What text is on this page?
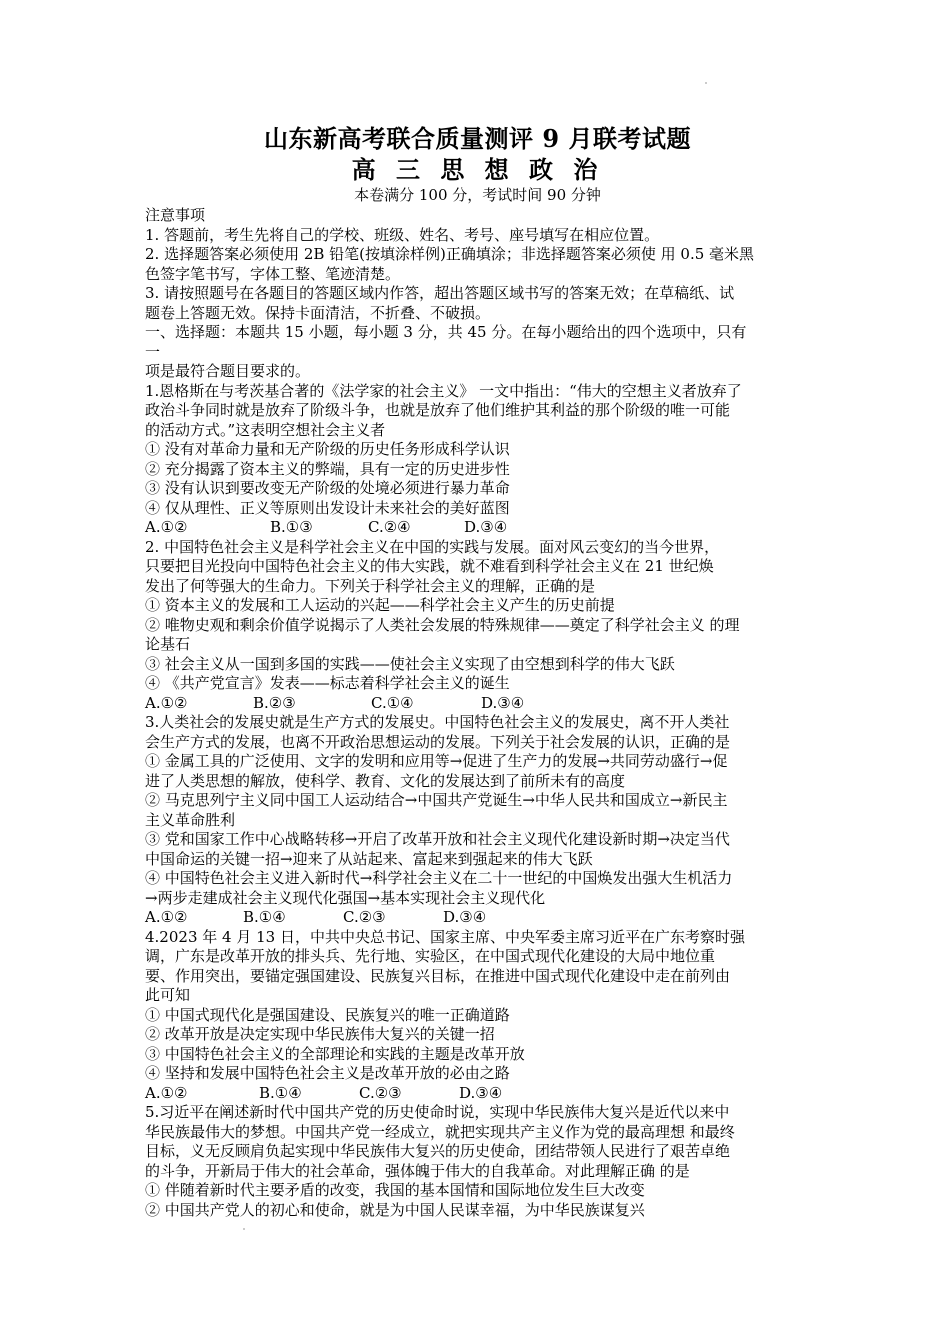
山东新高考联合质量测评 9 月联考试题
高 三 思 想 政 治

本卷满分 100 分，考试时间 90 分钟

注意事项

1. 答题前，考生先将自己的学校、班级、姓名、考号、座号填写在相应位置。

2. 选择题答案必须使用 2B 铅笔(按填涂样例)正确填涂；非选择题答案必须使 用 0.5 毫米黑

色签字笔书写，字体工整、笔迹清楚。

3. 请按照题号在各题目的答题区域内作答，超出答题区域书写的答案无效；在草稿纸、试

题卷上答题无效。保持卡面清洁，不折叠、不破损。

一、选择题：本题共 15 小题，每小题 3 分，共 45 分。在每小题给出的四个选项中，只有

一

项是最符合题目要求的。

1.恩格斯在与考茨基合著的《法学家的社会主义》 一文中指出：“伟大的空想主义者放弃了

政治斗争同时就是放弃了阶级斗争，也就是放弃了他们维护其利益的那个阶级的唯一可能

的活动方式。”这表明空想社会主义者

① 没有对革命力量和无产阶级的历史任务形成科学认识

② 充分揭露了资本主义的弊端，具有一定的历史进步性

③ 没有认识到要改变无产阶级的处境必须进行暴力革命

④ 仅从理性、正义等原则出发设计未来社会的美好蓝图

A.①②	B.①③	C.②④	D.③④

2. 中国特色社会主义是科学社会主义在中国的实践与发展。面对风云变幻的当今世界，

只要把目光投向中国特色社会主义的伟大实践，就不难看到科学社会主义在 21 世纪焕

发出了何等强大的生命力。下列关于科学社会主义的理解，正确的是

① 资本主义的发展和工人运动的兴起——科学社会主义产生的历史前提

② 唯物史观和剩余价值学说揭示了人类社会发展的特殊规律——奠定了科学社会主义 的理

论基石

③ 社会主义从一国到多国的实践——使社会主义实现了由空想到科学的伟大飞跃

④ 《共产党宣言》发表——标志着科学社会主义的诞生

A.①②	B.②③	C.①④	D.③④

3.人类社会的发展史就是生产方式的发展史。中国特色社会主义的发展史，离不开人类社

会生产方式的发展，也离不开政治思想运动的发展。下列关于社会发展的认识，正确的是

① 金属工具的广泛使用、文字的发明和应用等→促进了生产力的发展→共同劳动盛行→促

进了人类思想的解放，使科学、教育、文化的发展达到了前所未有的高度

② 马克思列宁主义同中国工人运动结合→中国共产党诞生→中华人民共和国成立→新民主

主义革命胜利

③ 党和国家工作中心战略转移→开启了改革开放和社会主义现代化建设新时期→决定当代

中国命运的关键一招→迎来了从站起来、富起来到强起来的伟大飞跃

④ 中国特色社会主义进入新时代→科学社会主义在二十一世纪的中国焕发出强大生机活力

→两步走建成社会主义现代化强国→基本实现社会主义现代化

A.①②	B.①④	C.②③	D.③④

4.2023 年 4 月 13 日，中共中央总书记、国家主席、中央军委主席习近平在广东考察时强

调，广东是改革开放的排头兵、先行地、实验区，在中国式现代化建设的大局中地位重

要、作用突出，要锚定强国建设、民族复兴目标，在推进中国式现代化建设中走在前列由

此可知

① 中国式现代化是强国建设、民族复兴的唯一正确道路

② 改革开放是决定实现中华民族伟大复兴的关键一招

③ 中国特色社会主义的全部理论和实践的主题是改革开放

④ 坚持和发展中国特色社会主义是改革开放的必由之路

A.①②	B.①④	C.②③	D.③④

5.习近平在阐述新时代中国共产党的历史使命时说，实现中华民族伟大复兴是近代以来中

华民族最伟大的梦想。中国共产党一经成立，就把实现共产主义作为党的最高理想 和最终

目标，义无反顾肩负起实现中华民族伟大复兴的历史使命，团结带领人民进行了艰苦卓绝

的斗争，开新局于伟大的社会革命，强体魄于伟大的自我革命。对此理解正确 的是

① 伴随着新时代主要矛盾的改变，我国的基本国情和国际地位发生巨大改变

② 中国共产党人的初心和使命，就是为中国人民谋幸福，为中华民族谋复兴
